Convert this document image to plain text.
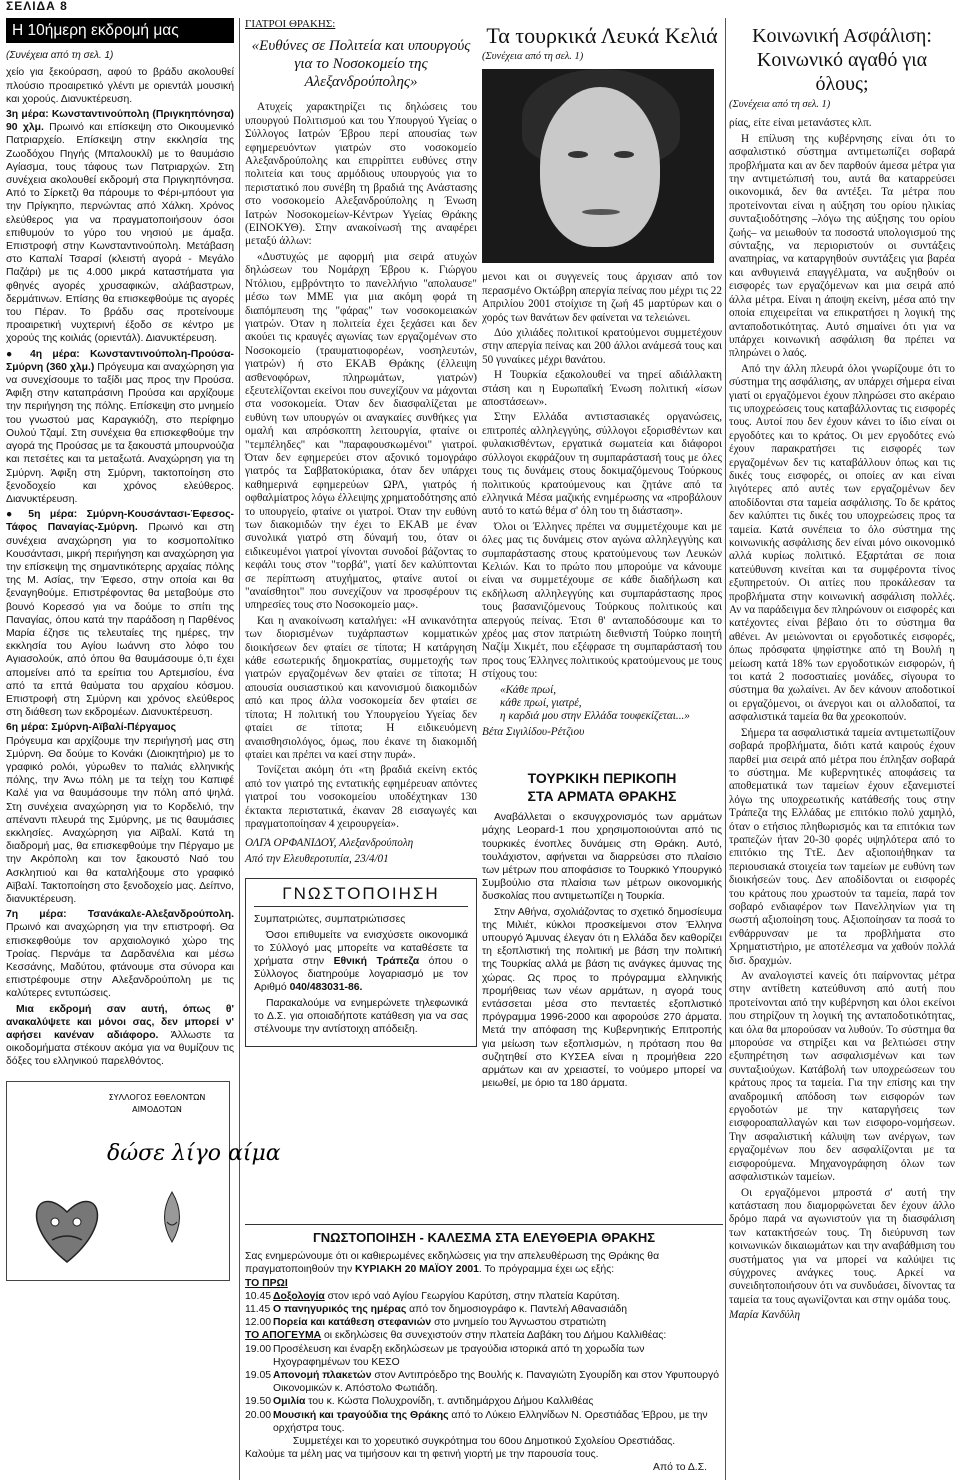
ΣΕΛΙΔΑ 8
Η 10ήμερη εκδρομή μας
(Συνέχεια από τη σελ. 1)

χείο για ξεκούραση, αφού το βράδυ ακολουθεί πλούσιο προαιρετικό γλέντι με οριεντάλ μουσική και χορούς. Διανυκτέρευση.

3η μέρα: Κωνσταντινούπολη (Πριγκηπόνησα) 90 χλμ. Πρωινό και επίσκεψη στο Οικουμενικό Πατριαρχείο. Επίσκεψη στην εκκλησία της Ζωοδόχου Πηγής (Μπαλουκλί) με το θαυμάσιο Αγίασμα, τους τάφους των Πατριαρχών. Στη συνέχεια ακολουθεί εκδρομή στα Πριγκηπόνησα. Από το Σίρκετζι θα πάρουμε το Φέρι-μπόουτ για την Πρίγκηπο, περνώντας από Χάλκη. Χρόνος ελεύθερος για να πραγματοποιήσουν όσοι επιθυμούν το γύρο του νησιού με άμαξα. Επιστροφή στην Κωνσταντινούπολη. Μετάβαση στο Καπαλί Τσαρσί (κλειστή αγορά - Μεγάλο Παζάρι) με τις 4.000 μικρά καταστήματα για φθηνές αγορές χρυσαφικών, αλάβαστρων, δερμάτινων. Επίσης θα επισκεφθούμε τις αγορές του Πέραν. Το βράδυ σας προτείνουμε προαιρετική νυχτερινή έξοδο σε κέντρο με χορούς της κοιλιάς (οριεντάλ). Διανυκτέρευση.

● 4η μέρα: Κωνσταντινούπολη-Προύσα-Σμύρνη (360 χλμ.) Πρόγευμα και αναχώρηση για να συνεχίσουμε το ταξίδι μας προς την Προύσα. Άφιξη στην καταπράσινη Προύσα και αρχίζουμε την περιήγηση της πόλης. Επίσκεψη στο μνημείο του γνωστού μας Καραγκιόζη, στο περίφημο Ουλού Τζαμί. Στη συνέχεια θα επισκεφθούμε την αγορά της Προύσας με τα ξακουστά μπουρνούζια και πετσέτες και τα μεταξωτά. Αναχώρηση για τη Σμύρνη. Άφιξη στη Σμύρνη, τακτοποίηση στο ξενοδοχείο και χρόνος ελεύθερος. Διανυκτέρευση.

● 5η μέρα: Σμύρνη-Κουσάντασι-Έφεσος-Τάφος Παναγίας-Σμύρνη. Πρωινό και στη συνέχεια αναχώρηση για το κοσμοπολίτικο Κουσάντασι, μικρή περιήγηση και αναχώρηση για την επίσκεψη της σημαντικότερης αρχαίας πόλης της Μ. Ασίας, την Έφεσο, στην οποία και θα ξεναγηθούμε. Επιστρέφοντας θα μεταβούμε στο βουνό Κορεσσό για να δούμε το σπίτι της Παναγίας, όπου κατά την παράδοση η Παρθένος Μαρία έζησε τις τελευταίες της ημέρες, την εκκλησία του Αγίου Ιωάννη στο λόφο του Αγιασολούκ, από όπου θα θαυμάσουμε ό,τι έχει απομείνει από τα ερείπια του Αρτεμισίου, ένα από τα επτά θαύματα του αρχαίου κόσμου. Επιστροφή στη Σμύρνη και χρόνος ελεύθερος στη διάθεση των εκδρομέων. Διανυκτέρευση.

6η μέρα: Σμύρνη-Αϊβαλί-Πέργαμος
Πρόγευμα και αρχίζουμε την περιήγησή μας στη Σμύρνη. Θα δούμε το Κονάκι (Διοικητήριο) με το γραφικό ρολόι, γύρωθεν το παλιάς ελληνικής πόλης, την Άνω πόλη με τα τείχη του Καπιφέ Καλέ για να θαυμάσουμε την πόλη από ψηλά. Στη συνέχεια αναχώρηση για το Κορδελιό, την απέναντι πλευρά της Σμύρνης, με τις θαυμάσιες εκκλησίες. Αναχώρηση για Αϊβαλί. Κατά τη διαδρομή μας, θα επισκεφθούμε την Πέργαμο με την Ακρόπολη και τον ξακουστό Ναό του Ασκληπιού και θα καταλήξουμε στο γραφικό Αϊβαλί. Τακτοποίηση στο ξενοδοχείο μας. Δείπνο, διανυκτέρευση.

7η μέρα: Τσανάκαλε-Αλεξανδρούπολη. Πρωινό και αναχώρηση για την επιστροφή. Θα επισκεφθούμε τον αρχαιολογικό χώρο της Τροίας. Περνάμε τα Δαρδανέλια και μέσω Κεσσάνης, Μαδύτου, φτάνουμε στα σύνορα και επιστρέφουμε στην Αλεξανδρούπολη με τις καλύτερες εντυπώσεις.

Μια εκδρομή σαν αυτή, όπως θ' ανακαλύψετε και μόνοι σας, δεν μπορεί ν' αφήσει κανέναν αδιάφορο. Άλλωστε τα οικοδομήματα στέκουν ακόμα για να θυμίζουν τις δόξες του ελληνικού παρελθόντος.

ΣΥΛΛΟΓΟΣ ΕΘΕΛΟΝΤΩΝ
ΑΙΜΟΔΟΤΩΝ
δώσε λίγο αίμα
ΓΙΑΤΡΟΙ ΘΡΑΚΗΣ:
«Ευθύνες σε Πολιτεία και υπουργούς για το Νοσοκομείο της Αλεξανδρούπολης»

Ατυχείς χαρακτηρίζει τις δηλώσεις του υπουργού Πολιτισμού και του Υπουργού Υγείας ο Σύλλογος Ιατρών Έβρου περί απουσίας των εφημερευόντων γιατρών στο νοσοκομείο Αλεξανδρούπολης και επιρρίπτει ευθύνες στην πολιτεία και τους αρμόδιους υπουργούς για το περιστατικό που συνέβη τη βραδιά της Ανάστασης στο νοσοκομείο Αλεξανδρούπολης η Ένωση Ιατρών Νοσοκομείων-Κέντρων Υγείας Θράκης (ΕΙΝΟΚΥΘ). Στην ανακοίνωσή της αναφέρει μεταξύ άλλων:

«Δυστυχώς με αφορμή μια σειρά ατυχών δηλώσεων του Νομάρχη Έβρου κ. Γιώργου Ντόλιου, εμβρόντητο το πανελλήνιο "απολαυσε" μέσω των ΜΜΕ για μια ακόμη φορά τη διαπόμπευση της "φάρας" των νοσοκομειακών γιατρών. Όταν η πολιτεία έχει ξεχάσει και δεν ακούει τις κραυγές αγωνίας των εργαζομένων στο Νοσοκομείο (τραυματιοφορέων, νοσηλευτών, γιατρών) ή στο ΕΚΑΒ Θράκης (έλλειψη ασθενοφόρων, πληρωμάτων, γιατρών) εξευτελίζονται εκείνοι που συνεχίζουν να μάχονται στα νοσοκομεία. Όταν δεν διασφαλίζεται με ευθύνη των υπουργών οι αναγκαίες συνθήκες για ομαλή και απρόσκοπτη λειτουργία, φταίνε οι "τεμπέληδες" και "παραφουσκωμένοι" γιατροί. Όταν δεν εφημερεύει στον αξονικό τομογράφο γιατρός τα Σαββατοκύριακα, όταν δεν υπάρχει καθημερινά εφημερεύων ΩΡΛ, γιατρός ή οφθαλμίατρος λόγω έλλειψης χρηματοδότησης από το υπουργείο, φταίνε οι γιατροί. Όταν την ευθύνη των διακομιδών την έχει το ΕΚΑΒ με έναν συνολικά γιατρό στη δύναμή του, όταν οι ειδικευμένοι γιατροί γίνονται συνοδοί βάζοντας το κεφάλι τους στον "τορβά", γιατί δεν καλύπτονται σε περίπτωση ατυχήματος, φταίνε αυτοί οι "αναίσθητοι" που συνεχίζουν να προσφέρουν τις υπηρεσίες τους στο Νοσοκομείο μας».

Και η ανακοίνωση καταλήγει: «Η ανικανότητα των διορισμένων τυχάρπαστων κομματικών διοικήσεων δεν φταίει σε τίποτα; Η κατάργηση κάθε εσωτερικής δημοκρατίας, συμμετοχής των γιατρών εργαζομένων δεν φταίει σε τίποτα; Η απουσία ουσιαστικού και κανονισμού διακομιδών από και προς άλλα νοσοκομεία δεν φταίει σε τίποτα; Η πολιτική του Υπουργείου Υγείας δεν φταίει σε τίποτα; Η ειδικευόμενη αναισθησιολόγος, όμως, που έκανε τη διακομιδή φταίει και πρέπει να καεί στην πυρά».

Τονίζεται ακόμη ότι «τη βραδιά εκείνη εκτός από τον γιατρό της εντατικής εφημέρευαν απόντες γιατροί του νοσοκομείου υποδέχτηκαν 130 έκτακτα περιστατικά, έκαναν 28 εισαγωγές και πραγματοποίησαν 4 χειρουργεία».

ΟΛΓΑ ΟΡΦΑΝΙΔΟΥ, Αλεξανδρούπολη

Από την Ελευθεροτυπία, 23/4/01

ΓΝΩΣΤΟΠΟΙΗΣΗ

Συμπατριώτες, συμπατριώτισσες

Όσοι επιθυμείτε να ενισχύσετε οικονομικά το Σύλλογό μας μπορείτε να καταθέσετε τα χρήματα στην Εθνική Τράπεζα όπου ο Σύλλογος διατηρούμε λογαριασμό με τον Αριθμό 040/483031-86.

Παρακαλούμε να ενημερώνετε τηλεφωνικά το Δ.Σ. για οποιαδήποτε κατάθεση για να σας στέλνουμε την αντίστοιχη απόδειξη.

Τα τουρκικά Λευκά Κελιά
(Συνέχεια από τη σελ. 1)

μενοι και οι συγγενείς τους άρχισαν από τον περασμένο Οκτώβρη απεργία πείνας που μέχρι τις 22 Απριλίου 2001 στοίχισε τη ζωή 45 μαρτύρων και ο χορός των θανάτων δεν φαίνεται να τελειώνει.

Δύο χιλιάδες πολιτικοί κρατούμενοι συμμετέχουν στην απεργία πείνας και 200 άλλοι ανάμεσά τους και 50 γυναίκες μέχρι θανάτου.

Η Τουρκία εξακολουθεί να τηρεί αδιάλλακτη στάση και η Ευρωπαϊκή Ένωση πολιτική «ίσων αποστάσεων».

Στην Ελλάδα αντιστασιακές οργανώσεις, επιτροπές αλληλεγγύης, σύλλογοι εξορισθέντων και φυλακισθέντων, εργατικά σωματεία και διάφοροι σύλλογοι εκφράζουν τη συμπαράστασή τους με όλες τους τις δυνάμεις στους δοκιμαζόμενους Τούρκους πολιτικούς κρατούμενους και ζητάνε από τα ελληνικά Μέσα μαζικής ενημέρωσης να «προβάλουν αυτό το κατώ θέμα σ' όλη του τη διάσταση».

Όλοι οι Έλληνες πρέπει να συμμετέχουμε και με όλες μας τις δυνάμεις στον αγώνα αλληλεγγύης και συμπαράστασης στους κρατούμενους των Λευκών Κελιών. Και το πρώτο που μπορούμε να κάνουμε είναι να συμμετέχουμε σε κάθε διαδήλωση και εκδήλωση αλληλεγγύης και συμπαράστασης προς τους βασανιζόμενους Τούρκους πολιτικούς και απεργούς πείνας. Έτσι θ' ανταποδόσουμε και το χρέος μας στον πατριώτη διεθνιστή Τούρκο ποιητή Ναζίμ Χικμέτ, που εξέφρασε τη συμπαράστασή του προς τους Έλληνες πολιτικούς κρατούμενους με τους στίχους του:

«Κάθε πρωί,

κάθε πρωί, γιατρέ,

η καρδιά μου στην Ελλάδα τουφεκίζεται...»

Βέτα Σιγιλίδου-Ρέτζιου

ΤΟΥΡΚΙΚΗ ΠΕΡΙΚΟΠΗ
ΣΤΑ ΑΡΜΑΤΑ ΘΡΑΚΗΣ

Αναβάλλεται ο εκσυγχρονισμός των αρμάτων μάχης Leopard-1 που χρησιμοποιούνται από τις τουρκικές ένοπλες δυνάμεις στη Θράκη. Αυτό, τουλάχιστον, αφήνεται να διαρρεύσει στο πλαίσιο των μέτρων που αποφάσισε το Τουρκικό Υπουργικό Συμβούλιο στα πλαίσια των μέτρων οικονομικής δυσκολίας που αντιμετωπίζει η Τουρκία.

Στην Αθήνα, σχολιάζοντας το σχετικό δημοσίευμα της Μιλιέτ, κύκλοι προσκείμενοι στον Έλληνα υπουργό Άμυνας έλεγαν ότι η Ελλάδα δεν καθορίζει τη εξοπλιστική της πολιτική με βάση την πολιτική της Τουρκίας αλλά με βάση τις ανάγκες άμυνας της χώρας. Ως προς το πρόγραμμα ελληνικής προμήθειας των νέων αρμάτων, η αγορά τους εντάσσεται μέσα στο πενταετές εξοπλιστικό πρόγραμμα 1996-2000 και αφορούσε 270 άρματα. Μετά την απόφαση της Κυβερνητικής Επιτροπής για μείωση των εξοπλισμών, η πρόταση που θα συζητηθεί στο ΚΥΣΕΑ είναι η προμήθεια 220 αρμάτων και αν χρειαστεί, το νούμερο μπορεί να μειωθεί, με όριο τα 180 άρματα.

Κοινωνική Ασφάλιση:
Κοινωνικό αγαθό για όλους;
(Συνέχεια από τη σελ. 1)

ρίας, είτε είναι μετανάστες κλπ.

Η επίλυση της κυβέρνησης είναι ότι το ασφαλιστικό σύστημα αντιμετωπίζει σοβαρά προβλήματα και αν δεν παρθούν άμεσα μέτρα για την αντιμετώπισή του, αυτά θα καταρρεύσει οικονομικά, δεν θα αντέξει. Τα μέτρα που προτείνονται είναι η αύξηση του ορίου ηλικίας συνταξιοδότησης –λόγω της αύξησης του ορίου ζωής– να μειωθούν τα ποσοστά υπολογισμού της σύνταξης, να περιοριστούν οι συντάξεις αναπηρίας, να καταργηθούν συντάξεις για βαρέα και ανθυγιεινά επαγγέλματα, να αυξηθούν οι εισφορές των εργαζόμενων και μια σειρά από άλλα μέτρα. Είναι η άποψη εκείνη, μέσα από την οποία επιχειρείται να επικρατήσει η λογική της ανταποδοτικότητας. Αυτό σημαίνει ότι για να υπάρχει κοινωνική ασφάλιση θα πρέπει να πληρώνει ο λαός.

Από την άλλη πλευρά όλοι γνωρίζουμε ότι το σύστημα της ασφάλισης, αν υπάρχει σήμερα είναι γιατί οι εργαζόμενοι έχουν πληρώσει στο ακέραιο τις υποχρεώσεις τους καταβάλλοντας τις εισφορές τους. Αυτοί που δεν έχουν κάνει το ίδιο είναι οι εργοδότες και το κράτος. Οι μεν εργοδότες ενώ έχουν παρακρατήσει τις εισφορές των εργαζομένων δεν τις καταβάλλουν όπως και τις δικές τους εισφορές, οι οποίες αν και είναι λιγότερες από αυτές των εργαζομένων δεν αποδίδονται στα ταμεία ασφάλισης. Το δε κράτος δεν καλύπτει τις δικές του υποχρεώσεις προς τα ταμεία. Κατά συνέπεια το όλο σύστημα της κοινωνικής ασφάλισης δεν είναι μόνο οικονομικό αλλά κυρίως πολιτικό. Εξαρτάται σε ποια κατεύθυνση κινείται και τα συμφέροντα τίνος εξυπηρετούν. Οι αιτίες που προκάλεσαν τα προβλήματα στην κοινωνική ασφάλιση πολλές. Αν να παράδειγμα δεν πληρώνουν οι εισφορές και κατέχοντες είναι βέβαιο ότι το σύστημα θα αθένει. Αν μειώνονται οι εργοδοτικές εισφορές, όπως πρόσφατα ψηφίστηκε από τη Βουλή η μείωση κατά 18% των εργοδοτικών εισφορών, ή τοι κατά 2 ποσοστιαίες μονάδες, σίγουρα το σύστημα θα χωλαίνει. Αν δεν κάνουν αποδοτικοί οι εργαζόμενοι, οι άνεργοι και οι αλλοδαποί, τα ασφαλιστικά ταμεία θα θα χρεοκοπούν.

Σήμερα τα ασφαλιστικά ταμεία αντιμετωπίζουν σοβαρά προβλήματα, διότι κατά καιρούς έχουν παρθεί μια σειρά από μέτρα που έπληξαν σοβαρά το σύστημα. Με κυβερνητικές αποφάσεις τα αποθεματικά των ταμείων έχουν εξανεμιστεί λόγω της υποχρεωτικής κατάθεσής τους στην Τράπεζα της Ελλάδας με επιτόκιο πολύ χαμηλό, όταν ο ετήσιος πληθωρισμός και τα επιτόκια των τραπεζών ήταν 20-30 φορές υψηλότερα από το επιτόκιο της ΤτΕ. Δεν αξιοποιήθηκαν τα περιουσιακά στοιχεία των ταμείων με ευθύνη των διοικήσεών τους. Δεν αποδίδονται οι εισφορές του κράτους που χρωστούν τα ταμεία, παρά τον σοβαρό ενδιαφέρον των Πανελληνίων για τη σωστή αξιοποίηση τους. Αξιοποίησαν τα ποσά το ενθάρρυνσαν με τα προβλήματα στο Χρηματιστήριο, με αποτέλεσμα να χαθούν πολλά δισ. δραχμών.

Αν αναλογιστεί κανείς ότι παίρνοντας μέτρα στην αντίθετη κατεύθυνση από αυτή που προτείνονται από την κυβέρνηση και όλοι εκείνοι που στηρίζουν τη λογική της ανταποδοτικότητας, και όλα θα μπορούσαν να λυθούν. Το σύστημα θα μπορούσε να στηρίξει και να βελτιώσει στην εξυπηρέτηση των ασφαλισμένων και των συνταξιούχων. Κατάβολή των υποχρεώσεων του κράτους προς τα ταμεία. Για την επίσης και την αναδρομική απόδοση των εισφορών των εργοδοτών με την καταργήσεις των εισφοροαπαλλαγών και των εισφορο-νομήσεων. Την ασφαλιστική κάλυψη των ανέργων, των εργαζομένων που δεν ασφαλίζονται με τα εισφορούμενα. Μηχανογράφηση όλων των ασφαλιστικών ταμείων.

Οι εργαζόμενοι μπροστά σ' αυτή την κατάσταση που διαμορφώνεται δεν έχουν άλλο δρόμο παρά να αγωνιστούν για τη διασφάλιση των κατακτήσεών τους. Τη διεύρυνση των κοινωνικών δικαιωμάτων και την αναβάθμιση του συστήματος για να μπορεί να καλύψει τις σύγχρονες ανάγκες τους. Αρκεί να συνειδητοποιήσουν ότι να συνδυάσει, δίνοντας τα ταμεία τα τους αγωνίζονται και στην ομάδα τους.

Μαρία Κανδύλη

ΓΝΩΣΤΟΠΟΙΗΣΗ - ΚΑΛΕΣΜΑ ΣΤΑ ΕΛΕΥΘΕΡΙΑ ΘΡΑΚΗΣ
Σας ενημερώνουμε ότι οι καθιερωμένες εκδηλώσεις για την απελευθέρωση της Θράκης θα πραγματοποιηθούν την ΚΥΡΙΑΚΗ 20 ΜΑΪΟΥ 2001. Το πρόγραμμα έχει ως εξής:
ΤΟ ΠΡΩΙ
10.45 Δοξολογία στον ιερό ναό Αγίου Γεωργίου Καρύτση, στην πλατεία Καρύτση.
11.45 Ο πανηγυρικός της ημέρας από τον δημοσιογράφο κ. Παντελή Αθανασιάδη
12.00 Πορεία και κατάθεση στεφανιών στο μνημείο του Άγνωστου στρατιώτη
ΤΟ ΑΠΟΓΕΥΜΑ οι εκδηλώσεις θα συνεχιστούν στην πλατεία Δαβάκη του Δήμου Καλλιθέας:
19.00 Προσέλευση και έναρξη εκδηλώσεων με τραγούδια ιστορικά από τη χορωδία των Ηχογραφημένων του ΚΕΣΟ
19.05 Απονομή πλακετών στον Αντιπρόεδρο της Βουλής κ. Παναγιώτη Σγουρίδη και στον Υφυπουργό Οικονομικών κ. Απόστολο Φωτιάδη.
19.50 Ομιλία του κ. Κώστα Πολυχρονίδη, τ. αντιδημάρχου Δήμου Καλλιθέας
20.00 Μουσική και τραγούδια της Θράκης από το Λύκειο Ελληνίδων Ν. Ορεστιάδας Έβρου, με την ορχήστρα τους.
Συμμετέχει και το χορευτικό συγκρότημα του 60ου Δημοτικού Σχολείου Ορεστιάδας.
Καλούμε τα μέλη μας να τιμήσουν και τη φετινή γιορτή με την παρουσία τους.
Από το Δ.Σ.
